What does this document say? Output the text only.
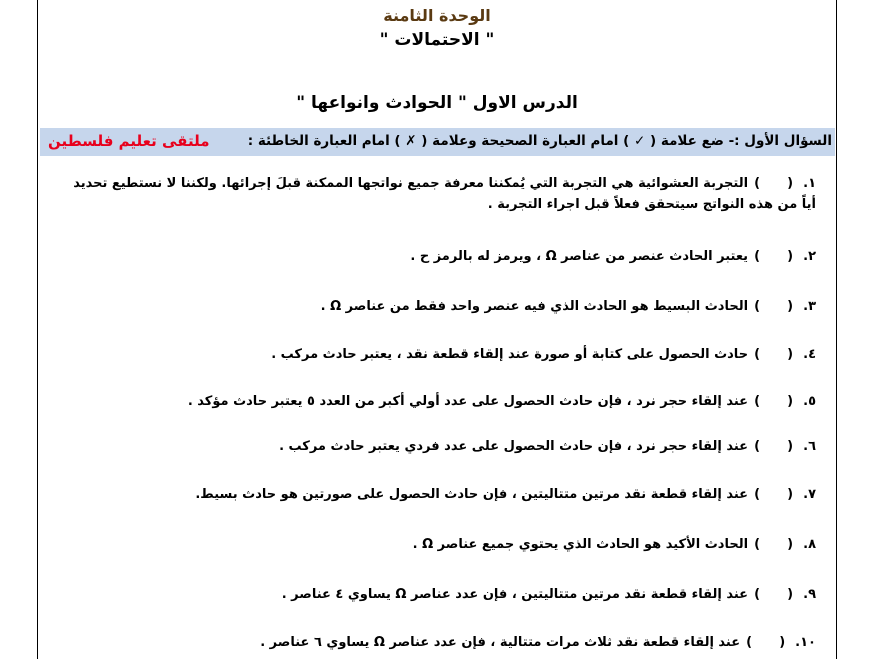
الوحدة الثامنة
" الاحتمالات "
الدرس الاول " الحوادث وانواعها "
السؤال الأول :- ضع علامة ( ✓ ) امام العبارة الصحيحة وعلامة ( ✗ ) امام العبارة الخاطئة :
ملتقى تعليم فلسطين
١.(      )التجربة العشوائية هي التجربة التي يُمكننا معرفة جميع نواتجها الممكنة قبلَ إجرائها. ولكننا لا نستطيع تحديد أياً من هذه النواتج سيتحقق فعلاً قبل اجراء التجربة .
٢.(      )يعتبر الحادث عنصر من عناصر Ω ، ويرمز له بالرمز ح .
٣.(      )الحادث البسيط هو الحادث الذي فيه عنصر واحد فقط من عناصر Ω .
٤.(      )حادث الحصول على كتابة أو صورة عند إلقاء قطعة نقد ، يعتبر حادث مركب .
٥.(      )عند إلقاء حجر نرد ، فإن حادث الحصول على عدد أولي أكبر من العدد ٥ يعتبر حادث مؤكد .
٦.(      )عند إلقاء حجر نرد ، فإن حادث الحصول على عدد فردي يعتبر حادث مركب .
٧.(      )عند إلقاء قطعة نقد مرتين متتاليتين ، فإن حادث الحصول على صورتين هو حادث بسيط.
٨.(      )الحادث الأكيد هو الحادث الذي يحتوي جميع عناصر Ω .
٩.(      )عند إلقاء قطعة نقد مرتين متتاليتين ، فإن عدد عناصر Ω يساوي ٤ عناصر .
١٠.(      )عند إلقاء قطعة نقد ثلاث مرات متتالية ، فإن عدد عناصر Ω يساوي ٦ عناصر .
